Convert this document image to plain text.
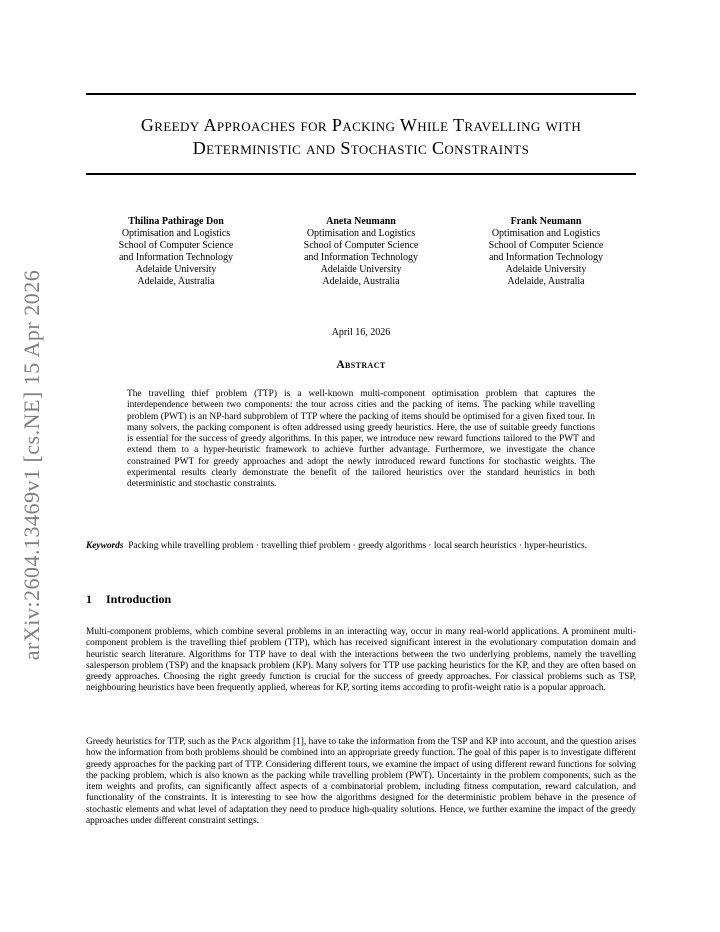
arXiv:2604.13469v1 [cs.NE] 15 Apr 2026
Greedy Approaches for Packing While Travelling with
Deterministic and Stochastic Constraints
Thilina Pathirage Don
Optimisation and Logistics
School of Computer Science
and Information Technology
Adelaide University
Adelaide, Australia
Aneta Neumann
Optimisation and Logistics
School of Computer Science
and Information Technology
Adelaide University
Adelaide, Australia
Frank Neumann
Optimisation and Logistics
School of Computer Science
and Information Technology
Adelaide University
Adelaide, Australia
April 16, 2026
Abstract
The travelling thief problem (TTP) is a well-known multi-component optimisation problem that captures the interdependence between two components: the tour across cities and the packing of items. The packing while travelling problem (PWT) is an NP-hard subproblem of TTP where the packing of items should be optimised for a given fixed tour. In many solvers, the packing component is often addressed using greedy heuristics. Here, the use of suitable greedy functions is essential for the success of greedy algorithms. In this paper, we introduce new reward functions tailored to the PWT and extend them to a hyper-heuristic framework to achieve further advantage. Furthermore, we investigate the chance constrained PWT for greedy approaches and adopt the newly introduced reward functions for stochastic weights. The experimental results clearly demonstrate the benefit of the tailored heuristics over the standard heuristics in both deterministic and stochastic constraints.
Keywords Packing while travelling problem · travelling thief problem · greedy algorithms · local search heuristics · hyper-heuristics.
1 Introduction
Multi-component problems, which combine several problems in an interacting way, occur in many real-world applications. A prominent multi-component problem is the travelling thief problem (TTP), which has received significant interest in the evolutionary computation domain and heuristic search literature. Algorithms for TTP have to deal with the interactions between the two underlying problems, namely the travelling salesperson problem (TSP) and the knapsack problem (KP). Many solvers for TTP use packing heuristics for the KP, and they are often based on greedy approaches. Choosing the right greedy function is crucial for the success of greedy approaches. For classical problems such as TSP, neighbouring heuristics have been frequently applied, whereas for KP, sorting items according to profit-weight ratio is a popular approach.
Greedy heuristics for TTP, such as the Pack algorithm [1], have to take the information from the TSP and KP into account, and the question arises how the information from both problems should be combined into an appropriate greedy function. The goal of this paper is to investigate different greedy approaches for the packing part of TTP. Considering different tours, we examine the impact of using different reward functions for solving the packing problem, which is also known as the packing while travelling problem (PWT). Uncertainty in the problem components, such as the item weights and profits, can significantly affect aspects of a combinatorial problem, including fitness computation, reward calculation, and functionality of the constraints. It is interesting to see how the algorithms designed for the deterministic problem behave in the presence of stochastic elements and what level of adaptation they need to produce high-quality solutions. Hence, we further examine the impact of the greedy approaches under different constraint settings.
